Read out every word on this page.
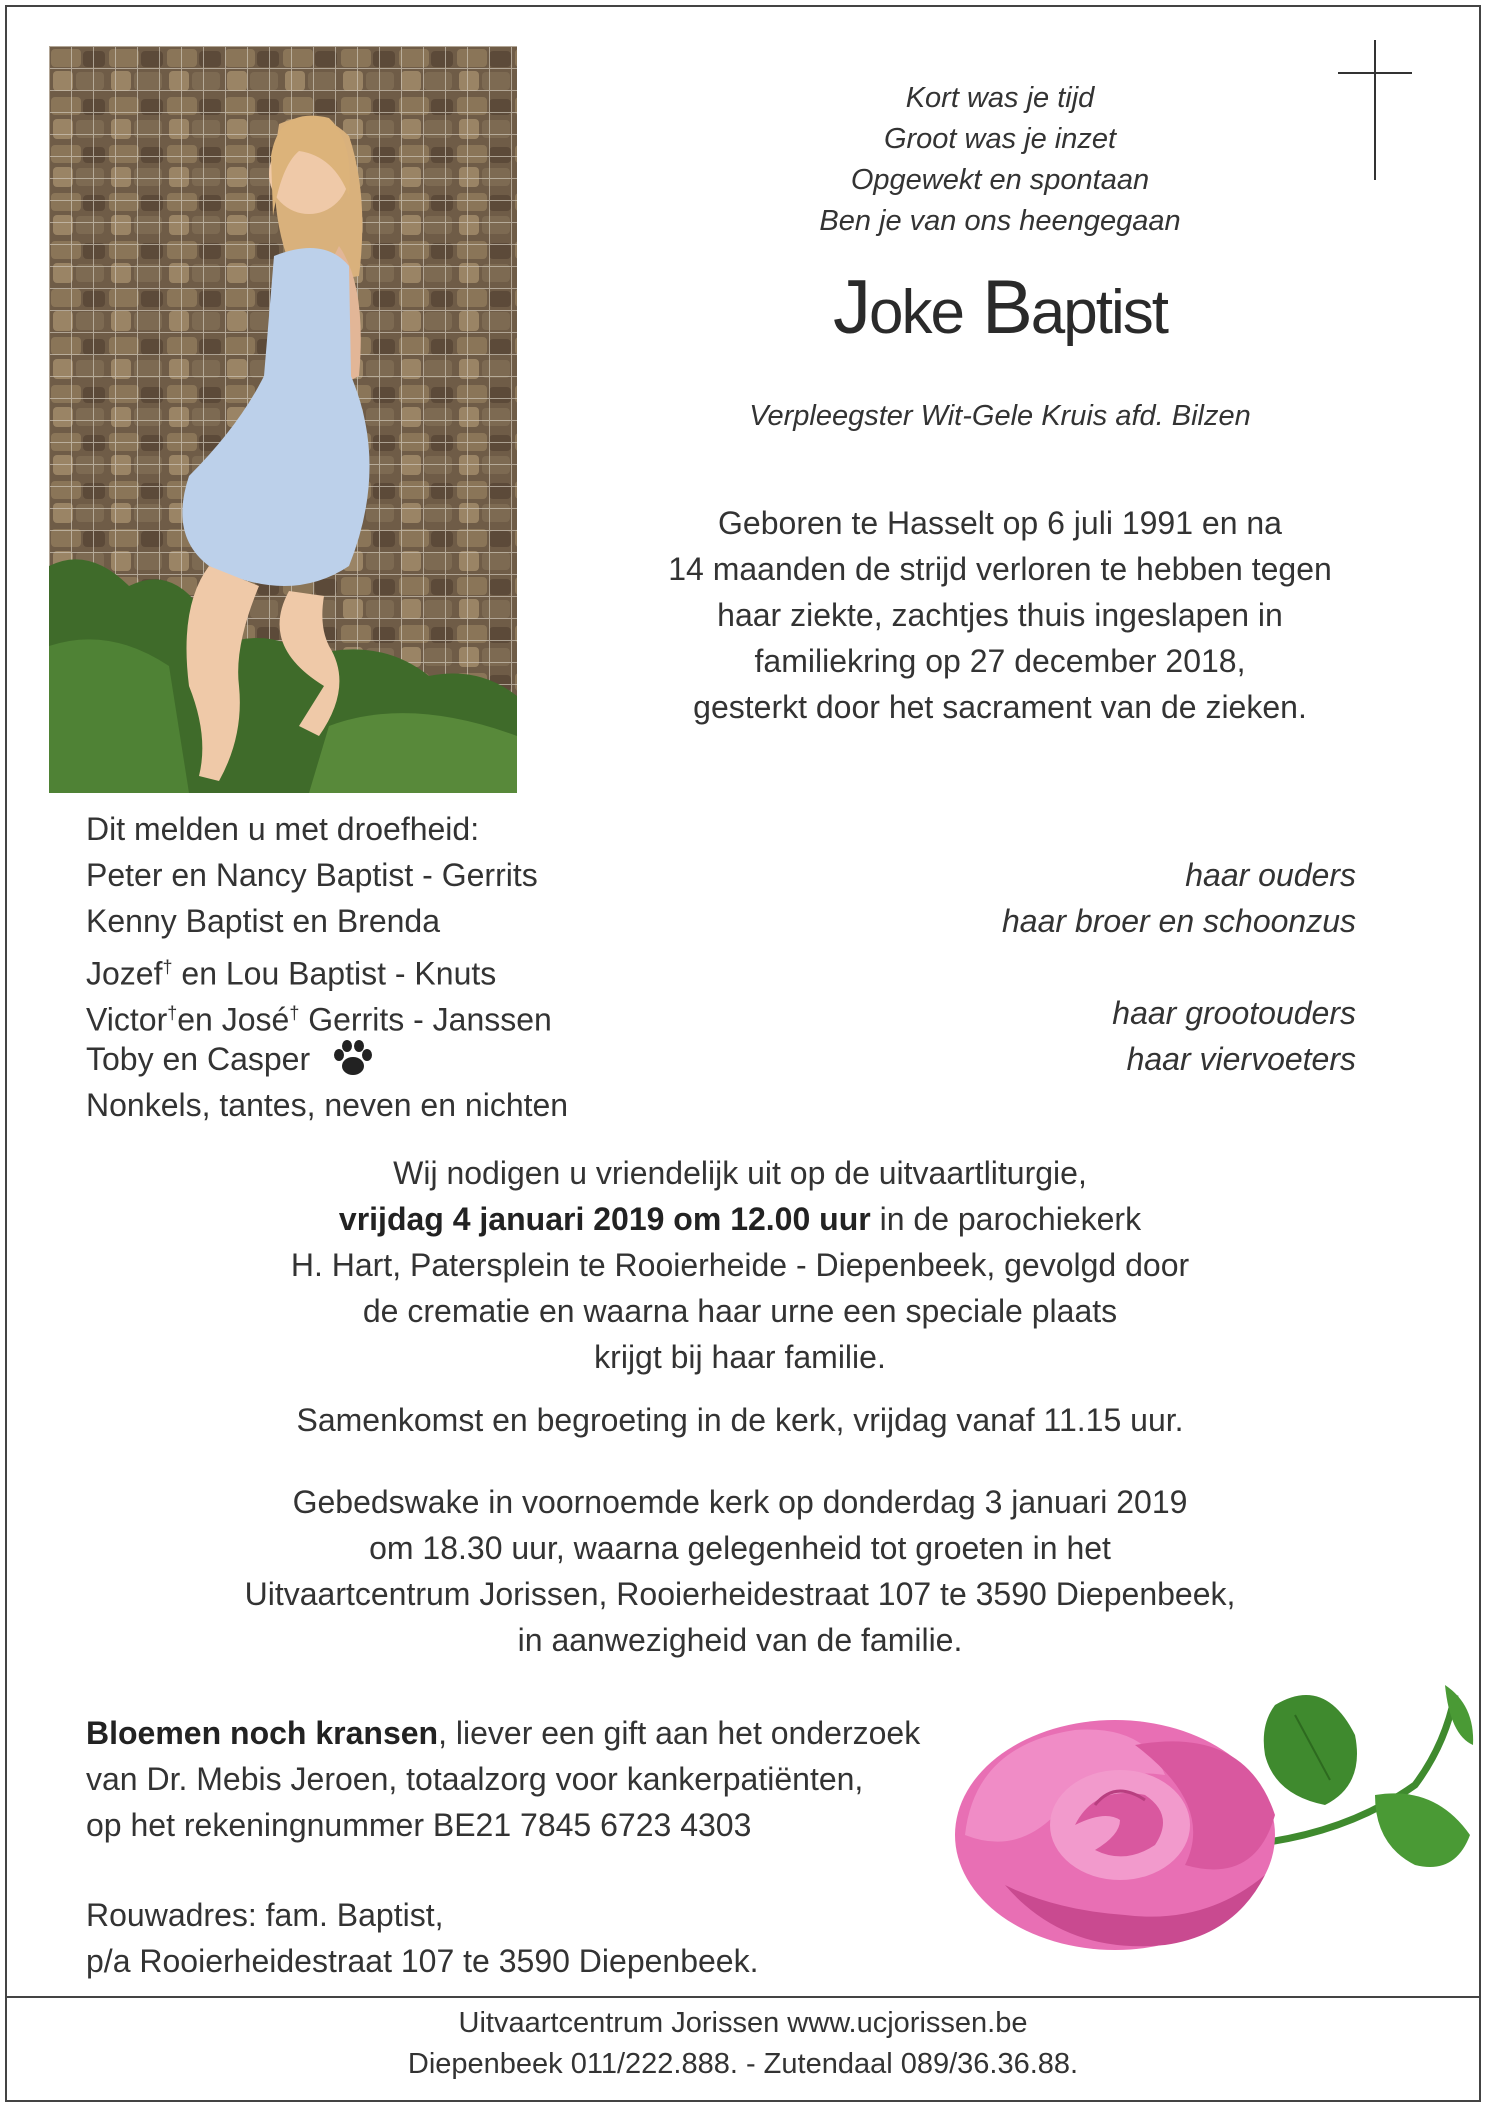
Kort was je tijd
Groot was je inzet
Opgewekt en spontaan
Ben je van ons heengegaan
Joke Baptist
Verpleegster Wit-Gele Kruis afd. Bilzen
Geboren te Hasselt op 6 juli 1991 en na
14 maanden de strijd verloren te hebben tegen
haar ziekte, zachtjes thuis ingeslapen in
familiekring op 27 december 2018,
gesterkt door het sacrament van de zieken.
Dit melden u met droefheid:
Peter en Nancy Baptist - Gerrits	haar ouders
Kenny Baptist en Brenda	haar broer en schoonzus
Jozef† en Lou Baptist - Knuts
Victor†en José† Gerrits - Janssen	haar grootouders
Toby en Casper	haar viervoeters
Nonkels, tantes, neven en nichten
Wij nodigen u vriendelijk uit op de uitvaartliturgie,
vrijdag 4 januari 2019 om 12.00 uur in de parochiekerk
H. Hart, Patersplein te Rooierheide - Diepenbeek, gevolgd door
de crematie en waarna haar urne een speciale plaats
krijgt bij haar familie.
Samenkomst en begroeting in de kerk, vrijdag vanaf 11.15 uur.
Gebedswake in voornoemde kerk op donderdag 3 januari 2019
om 18.30 uur, waarna gelegenheid tot groeten in het
Uitvaartcentrum Jorissen, Rooierheidestraat 107 te 3590 Diepenbeek,
in aanwezigheid van de familie.
Bloemen noch kransen, liever een gift aan het onderzoek
van Dr. Mebis Jeroen, totaalzorg voor kankerpatiënten,
op het rekeningnummer BE21 7845 6723 4303
Rouwadres: fam. Baptist,
p/a Rooierheidestraat 107 te 3590 Diepenbeek.
Uitvaartcentrum Jorissen www.ucjorissen.be
Diepenbeek 011/222.888. - Zutendaal 089/36.36.88.
